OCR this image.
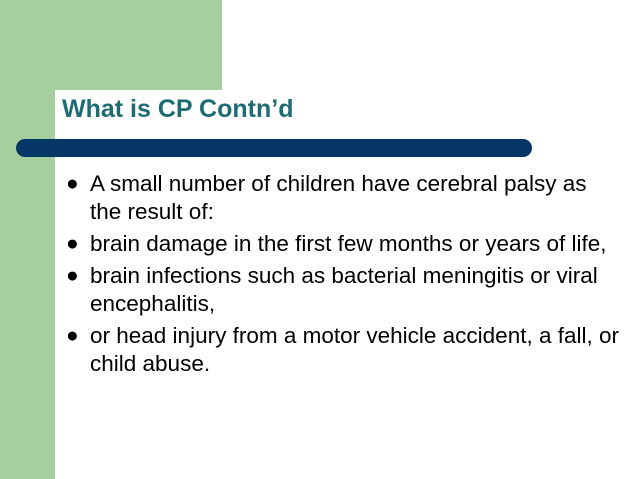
What is CP Contn’d
● A small number of children have cerebral palsy as the result of:
● brain damage in the first few months or years of life,
● brain infections such as bacterial meningitis or viral encephalitis,
● or head injury from a motor vehicle accident, a fall, or child abuse.
